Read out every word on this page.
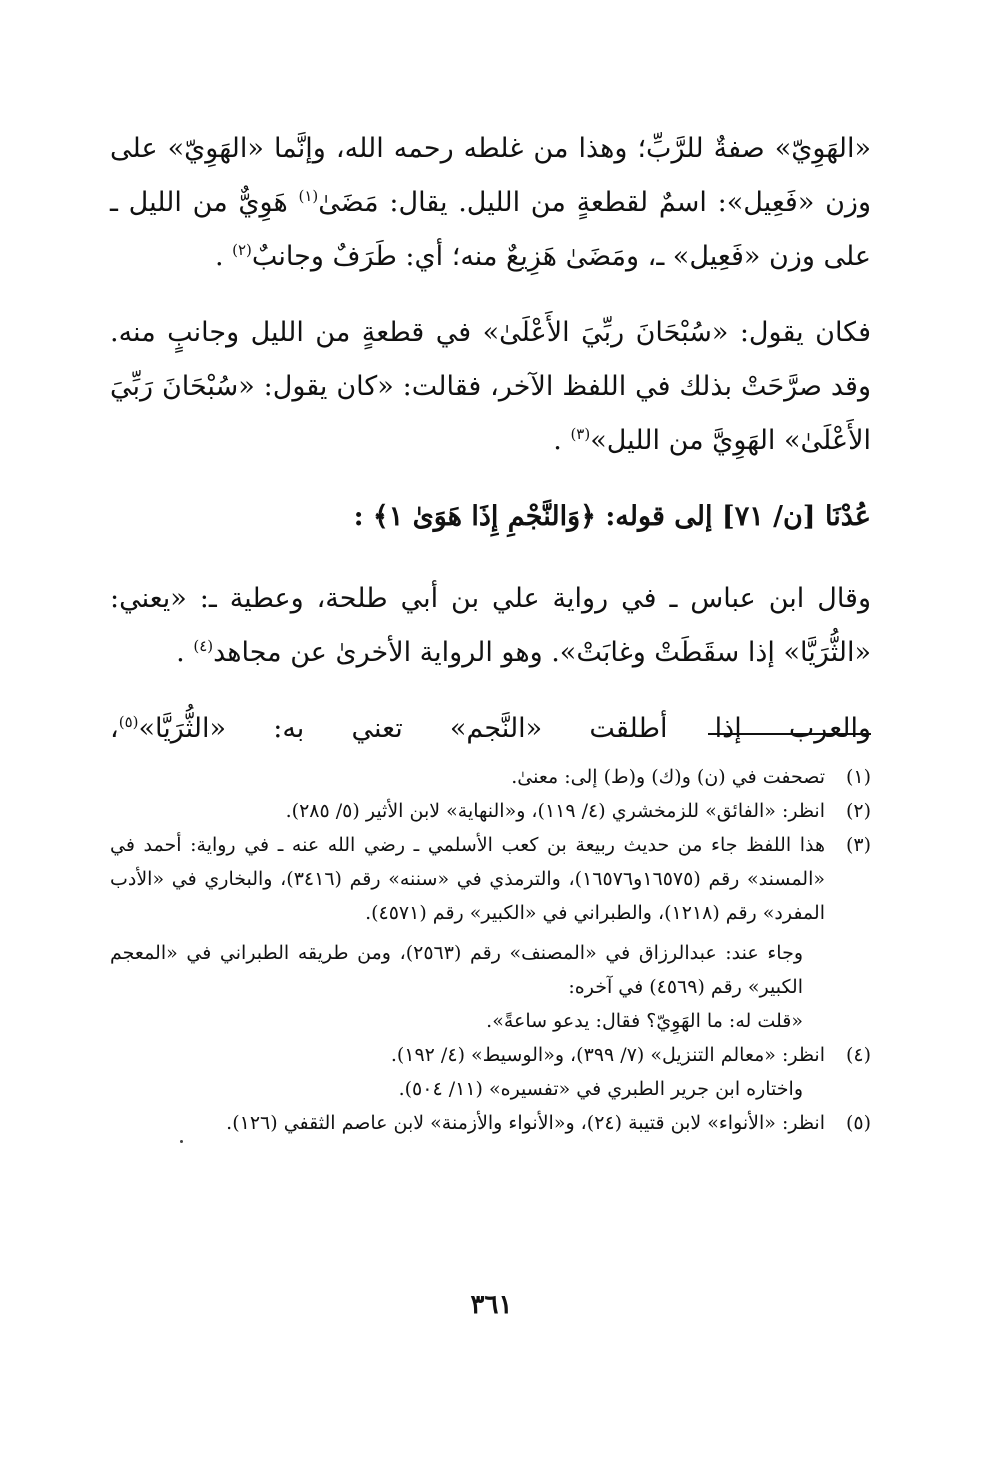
«الهَوِيّ» صفةٌ للرَّبِّ؛ وهذا من غلطه رحمه الله، وإنَّما «الهَوِيّ» على وزن «فَعِيل»: اسمٌ لقطعةٍ من الليل. يقال: مَضَىٰ$^{(١)}$ هَوِيٌّ من الليل ـ على وزن «فَعِيل» ـ، ومَضَىٰ هَزِيعٌ منه؛ أي: طَرَفٌ وجانبٌ$^{(٢)}$ .

فكان يقول: «سُبْحَانَ ربِّيَ الأَعْلَىٰ» في قطعةٍ من الليل وجانبٍ منه. وقد صرَّحَتْ بذلك في اللفظ الآخر، فقالت: «كان يقول: «سُبْحَانَ رَبِّيَ الأَعْلَىٰ» الهَوِيَّ من الليل»$^{(٣)}$ .

عُدْنَا [ن/ ٧١] إلى قوله: ﴿وَالنَّجْمِ إِذَا هَوَىٰ ١﴾ :

وقال ابن عباس ـ في رواية علي بن أبي طلحة، وعطية ـ: «يعني: «الثُّرَيَّا» إذا سقَطَتْ وغابَتْ». وهو الرواية الأخرىٰ عن مجاهد$^{(٤)}$ .

والعرب إذا أطلقت «النَّجم» تعني به: «الثُّرَيَّا»$^{(٥)}$،

(١)

تصحفت في (ن) و(ك) و(ط) إلى: معنىٰ.

(٢)

انظر: «الفائق» للزمخشري (٤/ ١١٩)، و«النهاية» لابن الأثير (٥/ ٢٨٥).

(٣)

هذا اللفظ جاء من حديث ربيعة بن كعب الأسلمي ـ رضي الله عنه ـ في رواية: أحمد في «المسند» رقم (١٦٥٧٥و١٦٥٧٦)، والترمذي في «سننه» رقم (٣٤١٦)، والبخاري في «الأدب المفرد» رقم (١٢١٨)، والطبراني في «الكبير» رقم (٤٥٧١).

وجاء عند: عبدالرزاق في «المصنف» رقم (٢٥٦٣)، ومن طريقه الطبراني في «المعجم الكبير» رقم (٤٥٦٩) في آخره:

«قلت له: ما الهَوِيّ؟ فقال: يدعو ساعةً».

(٤)

انظر: «معالم التنزيل» (٧/ ٣٩٩)، و«الوسيط» (٤/ ١٩٢).

واختاره ابن جرير الطبري في «تفسيره» (١١/ ٥٠٤).

(٥)

انظر: «الأنواء» لابن قتيبة (٢٤)، و«الأنواء والأزمنة» لابن عاصم الثقفي (١٢٦).

٣٦١
